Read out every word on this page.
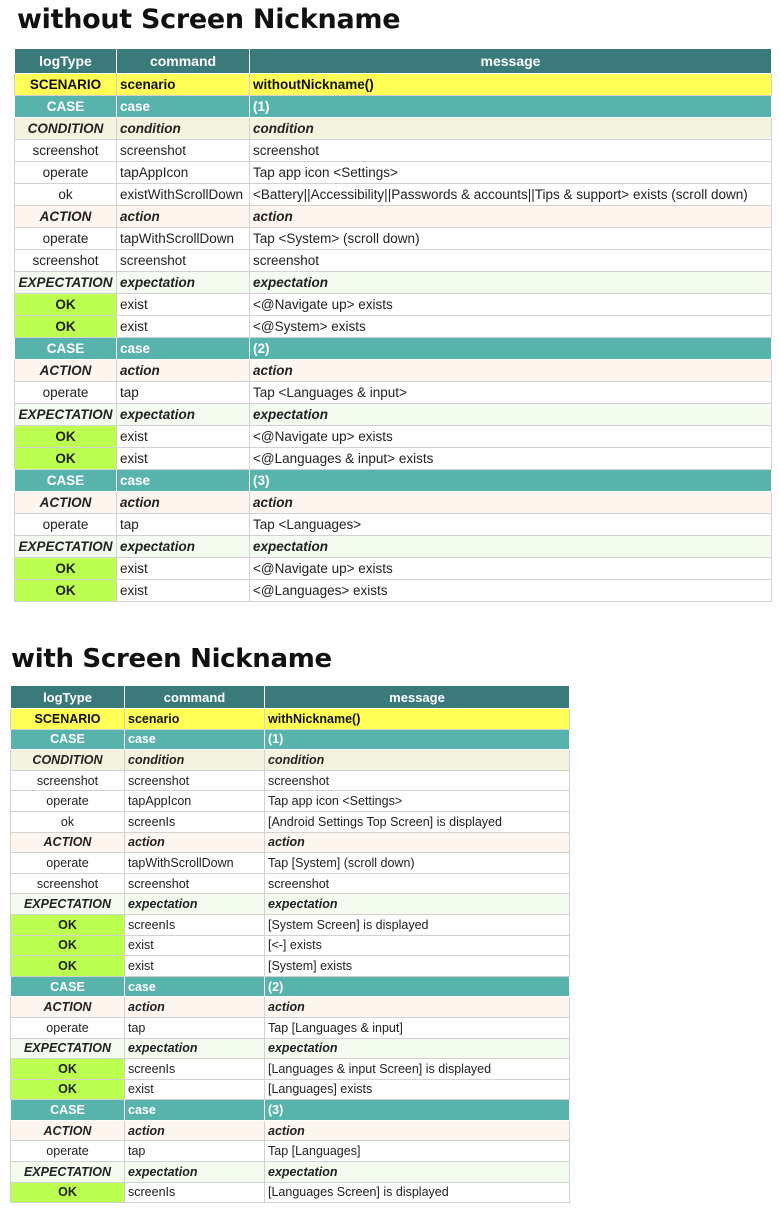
without Screen Nickname
logType	command	message
SCENARIO	scenario	withoutNickname()
CASE	case	(1)
CONDITION	condition	condition
screenshot	screenshot	screenshot
operate	tapAppIcon	Tap app icon <Settings>
ok	existWithScrollDown	<Battery||Accessibility||Passwords & accounts||Tips & support> exists (scroll down)
ACTION	action	action
operate	tapWithScrollDown	Tap <System> (scroll down)
screenshot	screenshot	screenshot
EXPECTATION	expectation	expectation
OK	exist	<@Navigate up> exists
OK	exist	<@System> exists
CASE	case	(2)
ACTION	action	action
operate	tap	Tap <Languages & input>
EXPECTATION	expectation	expectation
OK	exist	<@Navigate up> exists
OK	exist	<@Languages & input> exists
CASE	case	(3)
ACTION	action	action
operate	tap	Tap <Languages>
EXPECTATION	expectation	expectation
OK	exist	<@Navigate up> exists
OK	exist	<@Languages> exists
with Screen Nickname
logType	command	message
SCENARIO	scenario	withNickname()
CASE	case	(1)
CONDITION	condition	condition
screenshot	screenshot	screenshot
operate	tapAppIcon	Tap app icon <Settings>
ok	screenIs	[Android Settings Top Screen] is displayed
ACTION	action	action
operate	tapWithScrollDown	Tap [System] (scroll down)
screenshot	screenshot	screenshot
EXPECTATION	expectation	expectation
OK	screenIs	[System Screen] is displayed
OK	exist	[<-] exists
OK	exist	[System] exists
CASE	case	(2)
ACTION	action	action
operate	tap	Tap [Languages & input]
EXPECTATION	expectation	expectation
OK	screenIs	[Languages & input Screen] is displayed
OK	exist	[Languages] exists
CASE	case	(3)
ACTION	action	action
operate	tap	Tap [Languages]
EXPECTATION	expectation	expectation
OK	screenIs	[Languages Screen] is displayed
